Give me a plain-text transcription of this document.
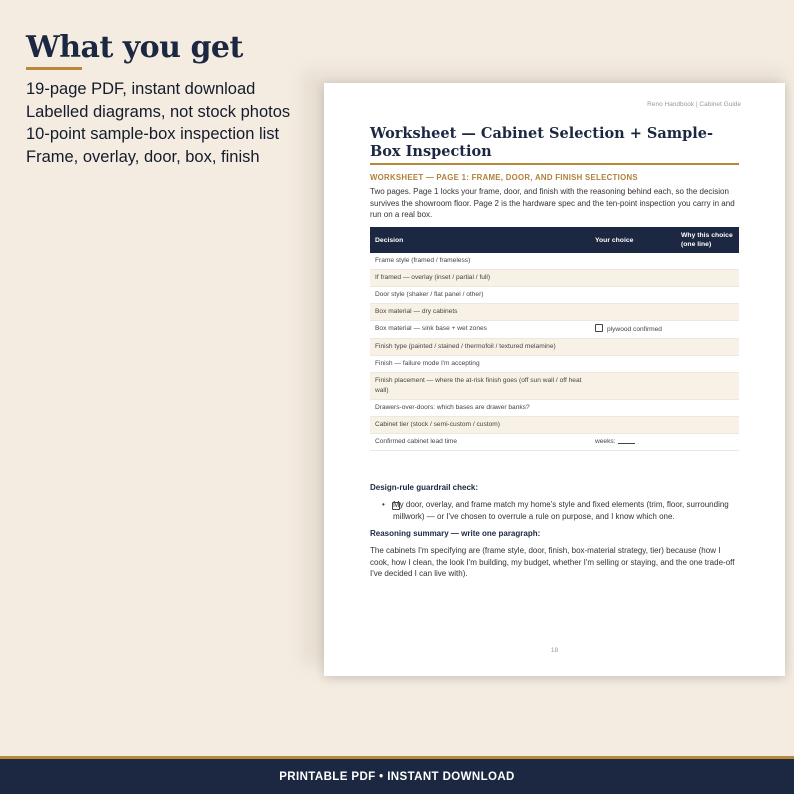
What you get
19-page PDF, instant download
Labelled diagrams, not stock photos
10-point sample-box inspection list
Frame, overlay, door, box, finish
Reno Handbook | Cabinet Guide
Worksheet — Cabinet Selection + Sample-Box Inspection
WORKSHEET — PAGE 1: FRAME, DOOR, AND FINISH SELECTIONS

Two pages. Page 1 locks your frame, door, and finish with the reasoning behind each, so the decision survives the showroom floor. Page 2 is the hardware spec and the ten-point inspection you carry in and run on a real box.

Decision	Your choice	Why this choice (one line)
Frame style (framed / frameless)		
If framed — overlay (inset / partial / full)		
Door style (shaker / flat panel / other)		
Box material — dry cabinets		
Box material — sink base + wet zones	plywood confirmed	
Finish type (painted / stained / thermofoil / textured melamine)		
Finish — failure mode I'm accepting		
Finish placement — where the at-risk finish goes (off sun wall / off heat wall)		
Drawers-over-doors: which bases are drawer banks?		
Cabinet tier (stock / semi-custom / custom)		
Confirmed cabinet lead time	weeks:	
Design-rule guardrail check:
•	My door, overlay, and frame match my home's style and fixed elements (trim, floor, surrounding millwork) — or I've chosen to overrule a rule on purpose, and I know which one.
Reasoning summary — write one paragraph:

The cabinets I'm specifying are (frame style, door, finish, box-material strategy, tier) because (how I cook, how I clean, the look I'm building, my budget, whether I'm selling or staying, and the one trade-off I've decided I can live with).

18
PRINTABLE PDF • INSTANT DOWNLOAD
